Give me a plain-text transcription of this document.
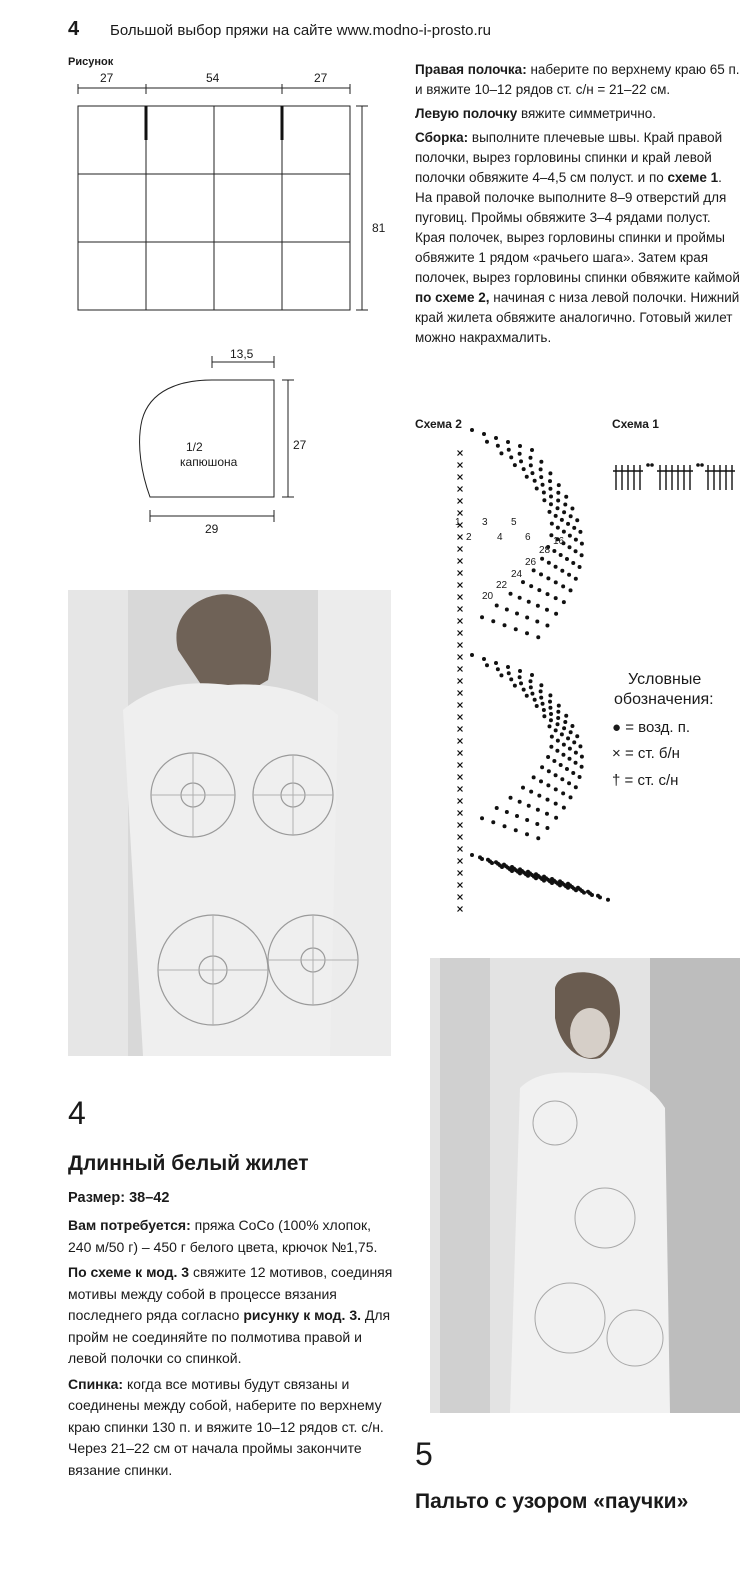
4 Большой выбор пряжи на сайте www.modno-i-prosto.ru
Рисунок
27	54	27
81
13,5
27
29
1/2
капюшона

Правая полочка: наберите по верхнему краю 65 п. и вяжите 10–12 рядов ст. с/н = 21–22 см.

Левую полочку вяжите симметрично.

Сборка: выполните плечевые швы. Край правой полочки, вырез горловины спинки и край левой полочки обвяжите 4–4,5 см полуст. и по схеме 1. На правой полочке выполните 8–9 отверстий для пуговиц. Проймы обвяжите 3–4 рядами полуст. Края полочек, вырез горловины спинки и проймы обвяжите 1 рядом «рачьего шага». Затем края полочек, вырез горловины спинки обвяжите каймой по схеме 2, начиная с низа левой полочки. Нижний край жилета обвяжите аналогично. Готовый жилет можно накрахмалить.

Схема 2	Схема 1
1 3 5
2	4 6 16
28
26
24
22
20
Условные
обозначения:
● = возд. п.
× = ст. б/н
† = ст. с/н
4
Длинный белый жилет
Размер: 38–42

Вам потребуется: пряжа CoCo (100% хлопок, 240 м/50 г) – 450 г белого цвета, крючок №1,75.

По схеме к мод. 3 свяжите 12 мотивов, соединяя мотивы между собой в процессе вязания последнего ряда согласно рисунку к мод. 3. Для пройм не соединяйте по полмотива правой и левой полочки со спинкой.

Спинка: когда все мотивы будут связаны и соединены между собой, наберите по верхнему краю спинки 130 п. и вяжите 10–12 рядов ст. с/н. Через 21–22 см от начала проймы закончите вязание спинки.	5
Пальто с узором «паучки»
